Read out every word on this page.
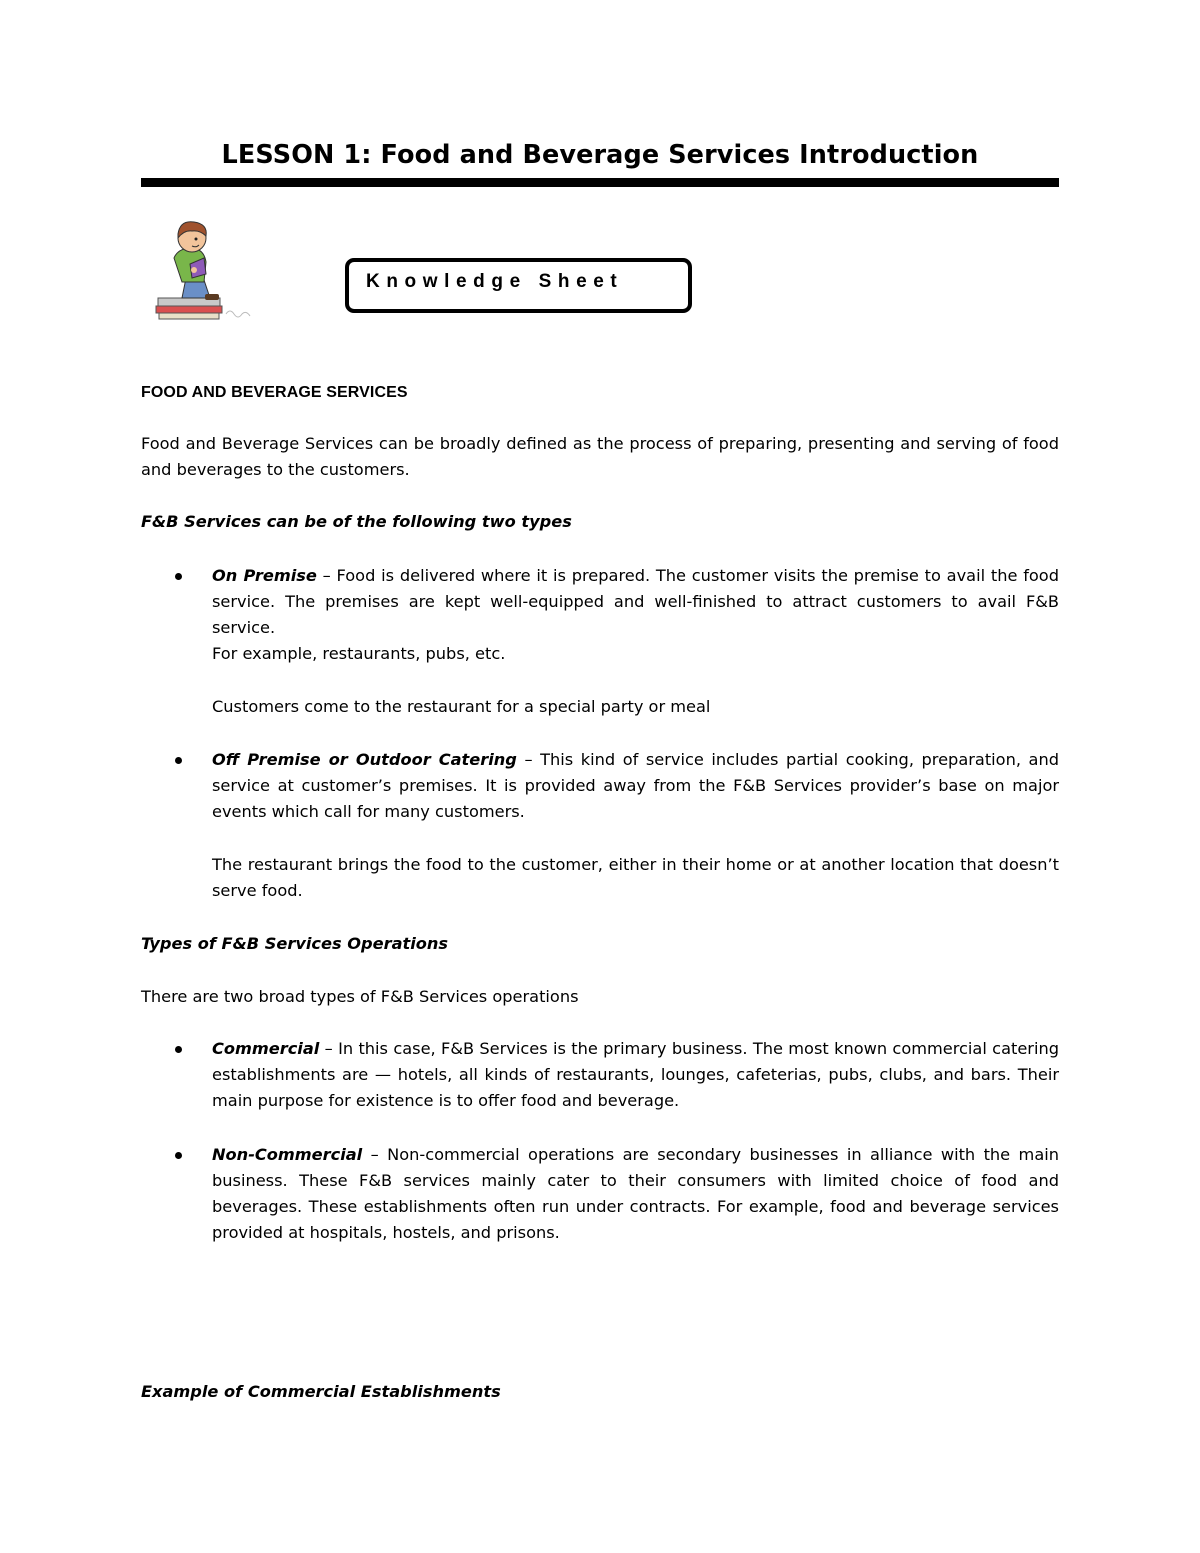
LESSON 1: Food and Beverage Services Introduction
Knowledge Sheet
FOOD AND BEVERAGE SERVICES
Food and Beverage Services can be broadly defined as the process of preparing, presenting and serving of food and beverages to the customers.
F&B Services can be of the following two types
On Premise – Food is delivered where it is prepared. The customer visits the premise to avail the food service. The premises are kept well-equipped and well-finished to attract customers to avail F&B service.
For example, restaurants, pubs, etc.
Customers come to the restaurant for a special party or meal
Off Premise or Outdoor Catering – This kind of service includes partial cooking, preparation, and service at customer’s premises. It is provided away from the F&B Services provider’s base on major events which call for many customers.
The restaurant brings the food to the customer, either in their home or at another location that doesn’t serve food.
Types of F&B Services Operations
There are two broad types of F&B Services operations
Commercial – In this case, F&B Services is the primary business. The most known commercial catering establishments are — hotels, all kinds of restaurants, lounges, cafeterias, pubs, clubs, and bars. Their main purpose for existence is to offer food and beverage.
Non-Commercial – Non-commercial operations are secondary businesses in alliance with the main business. These F&B services mainly cater to their consumers with limited choice of food and beverages. These establishments often run under contracts. For example, food and beverage services provided at hospitals, hostels, and prisons.
Example of Commercial Establishments
